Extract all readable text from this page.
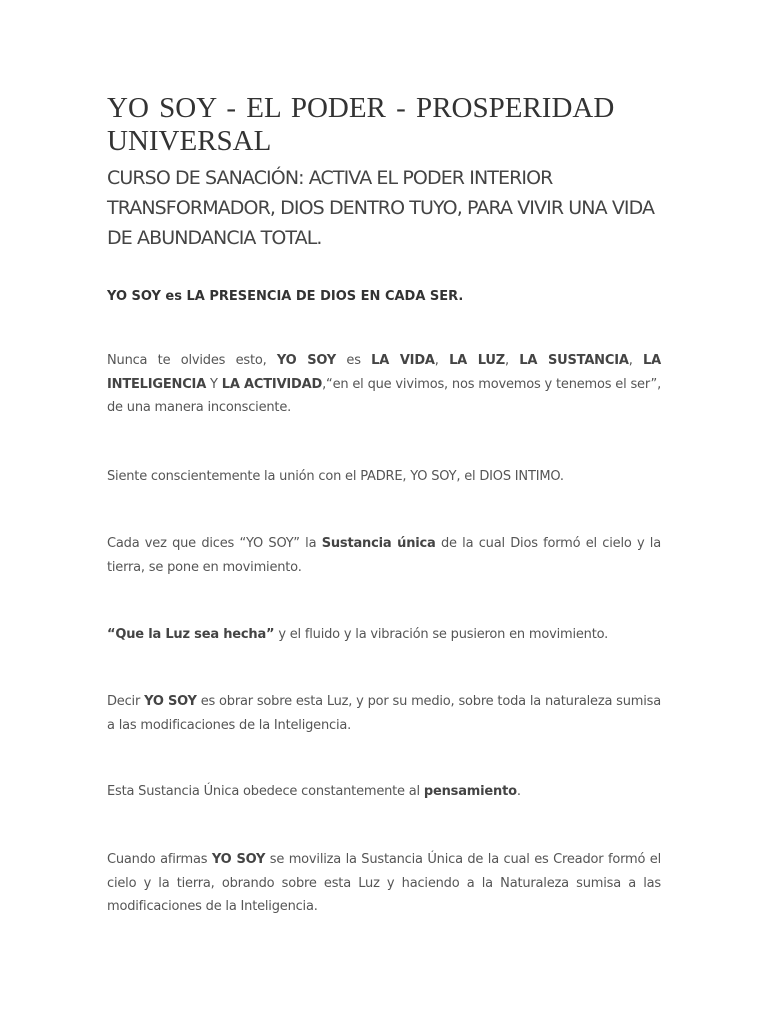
YO SOY - EL PODER - PROSPERIDAD UNIVERSAL
CURSO DE SANACIÓN: ACTIVA EL PODER INTERIOR TRANSFORMADOR, DIOS DENTRO TUYO, PARA VIVIR UNA VIDA DE ABUNDANCIA TOTAL.

YO SOY es LA PRESENCIA DE DIOS EN CADA SER.

Nunca te olvides esto, YO SOY es LA VIDA, LA LUZ, LA SUSTANCIA, LA INTELIGENCIA Y LA ACTIVIDAD,“en el que vivimos, nos movemos y tenemos el ser”, de una manera inconsciente.

Siente conscientemente la unión con el PADRE, YO SOY, el DIOS INTIMO.

Cada vez que dices “YO SOY” la Sustancia única de la cual Dios formó el cielo y la tierra, se pone en movimiento.

“Que la Luz sea hecha” y el fluido y la vibración se pusieron en movimiento.

Decir YO SOY es obrar sobre esta Luz, y por su medio, sobre toda la naturaleza sumisa a las modificaciones de la Inteligencia.

Esta Sustancia Única obedece constantemente al pensamiento.

Cuando afirmas YO SOY se moviliza la Sustancia Única de la cual es Creador formó el cielo y la tierra, obrando sobre esta Luz y haciendo a la Naturaleza sumisa a las modificaciones de la Inteligencia.
